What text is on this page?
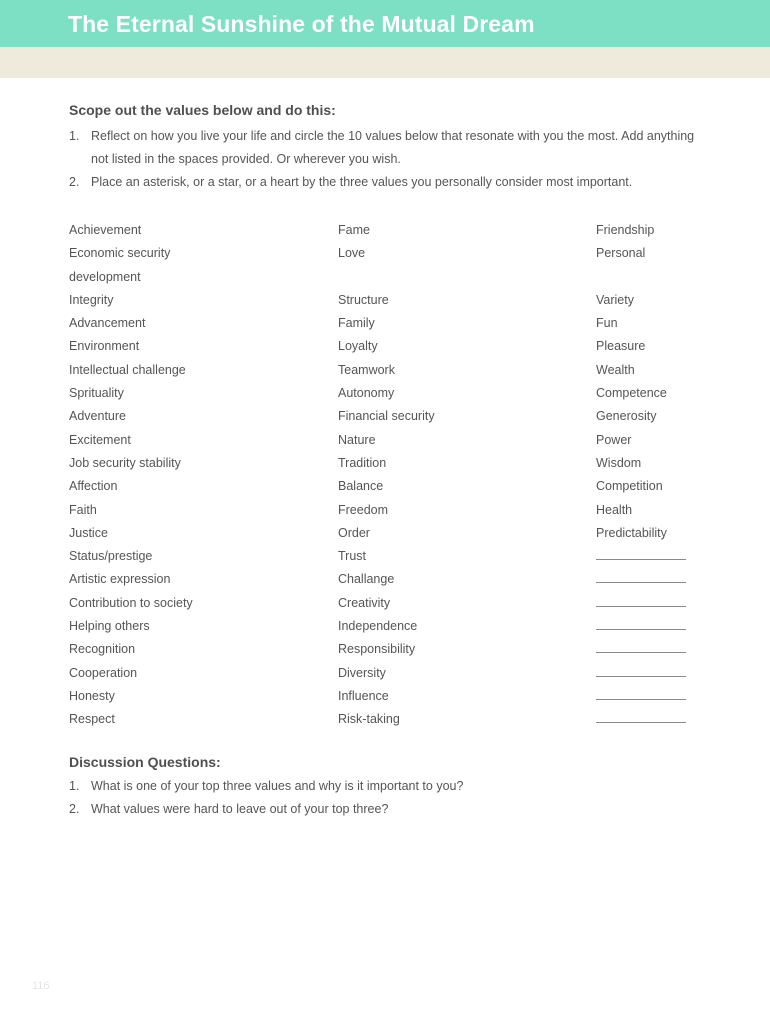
The Eternal Sunshine of the Mutual Dream
Scope out the values below and do this:
1. Reflect on how you live your life and circle the 10 values below that resonate with you the most. Add anything not listed in the spaces provided. Or wherever you wish.
2. Place an asterisk, or a star, or a heart by the three values you personally consider most important.
Achievement
Economic security
development
Integrity
Advancement
Environment
Intellectual challenge
Sprituality
Adventure
Excitement
Job security stability
Affection
Faith
Justice
Status/prestige
Artistic expression
Contribution to society
Helping others
Recognition
Cooperation
Honesty
Respect
Fame
Love
Structure
Family
Loyalty
Teamwork
Autonomy
Financial security
Nature
Tradition
Balance
Freedom
Order
Trust
Challange
Creativity
Independence
Responsibility
Diversity
Influence
Risk-taking
Friendship
Personal
Variety
Fun
Pleasure
Wealth
Competence
Generosity
Power
Wisdom
Competition
Health
Predictability
Discussion Questions:
1. What is one of your top three values and why is it important to you?
2. What values were hard to leave out of your top three?
116
